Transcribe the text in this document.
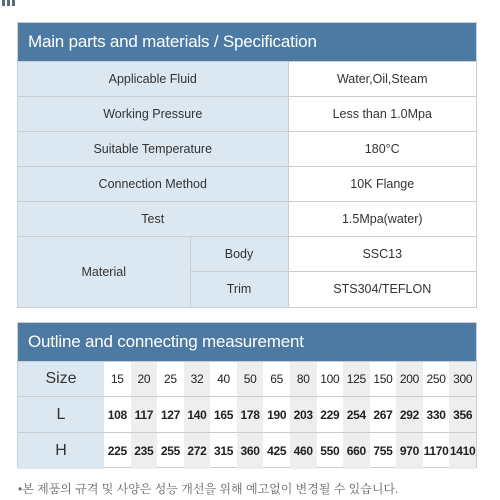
Main parts and materials / Specification
Applicable Fluid		Water,Oil,Steam
Working Pressure		Less than 1.0Mpa
Suitable Temperature		180°C
Connection Method		10K Flange
Test		1.5Mpa(water)
Material	Body	SSC13
	Trim	STS304/TEFLON
Outline and connecting measurement
Size	15	20	25	32	40	50	65	80	100	125	150	200	250	300
L	108	117	127	140	165	178	190	203	229	254	267	292	330	356
H	225	235	255	272	315	360	425	460	550	660	755	970	1170	1410
•본 제품의 규격 및 사양은 성능 개선을 위해 예고없이 변경될 수 있습니다.
